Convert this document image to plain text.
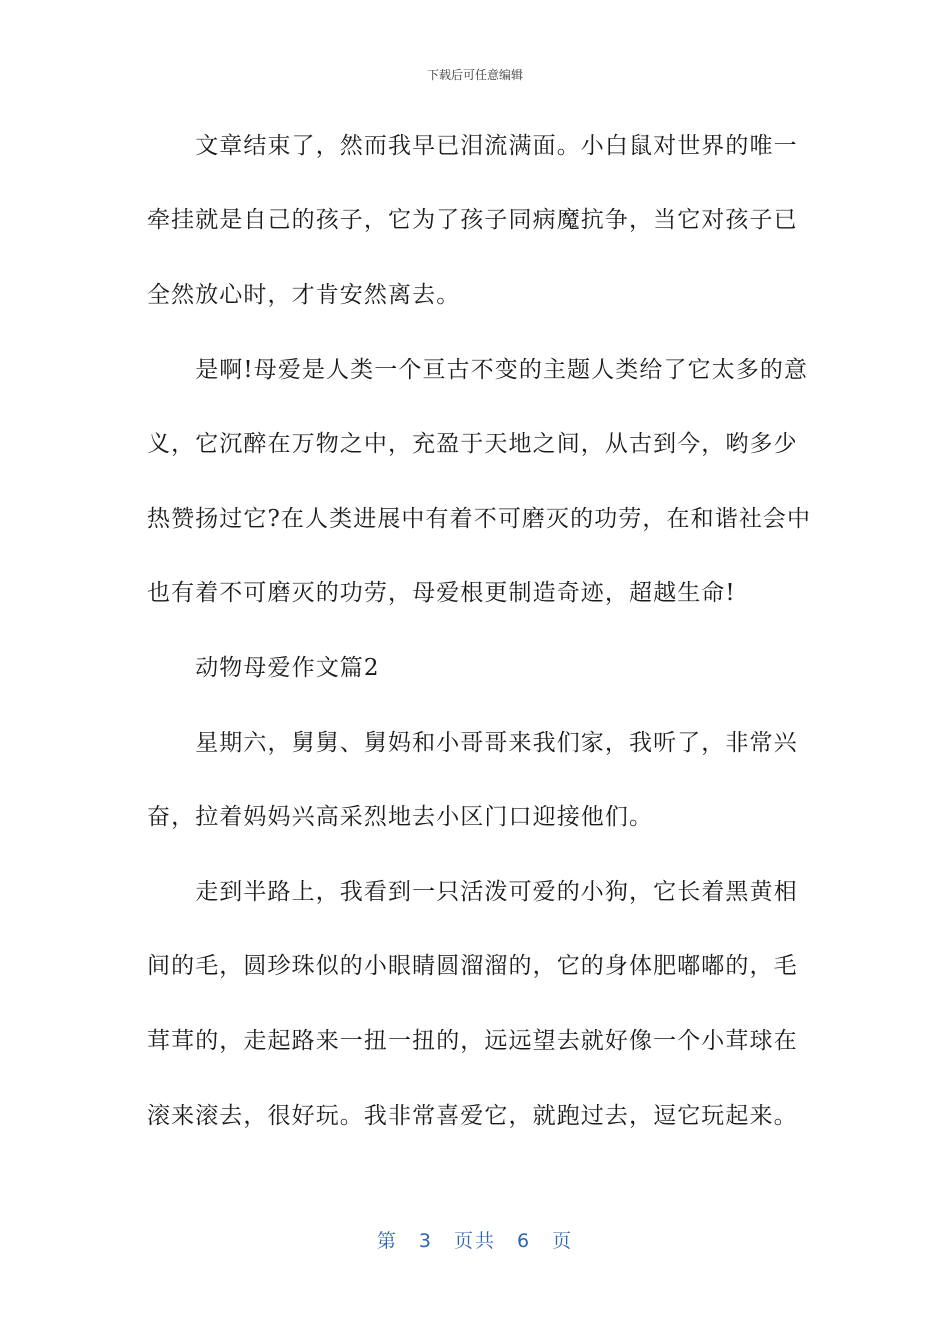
下载后可任意编辑
　　文章结束了，然而我早已泪流满面。小白鼠对世界的唯一
牵挂就是自己的孩子，它为了孩子同病魔抗争，当它对孩子已
全然放心时，才肯安然离去。
　　是啊!母爱是人类一个亘古不变的主题人类给了它太多的意
义，它沉醉在万物之中，充盈于天地之间，从古到今，哟多少
热赞扬过它?在人类进展中有着不可磨灭的功劳，在和谐社会中
也有着不可磨灭的功劳，母爱根更制造奇迹，超越生命!
　　动物母爱作文篇2
　　星期六，舅舅、舅妈和小哥哥来我们家，我听了，非常兴
奋，拉着妈妈兴高采烈地去小区门口迎接他们。
　　走到半路上，我看到一只活泼可爱的小狗，它长着黑黄相
间的毛，圆珍珠似的小眼睛圆溜溜的，它的身体肥嘟嘟的，毛
茸茸的，走起路来一扭一扭的，远远望去就好像一个小茸球在
滚来滚去，很好玩。我非常喜爱它，就跑过去，逗它玩起来。
第　3　页共　6　页
